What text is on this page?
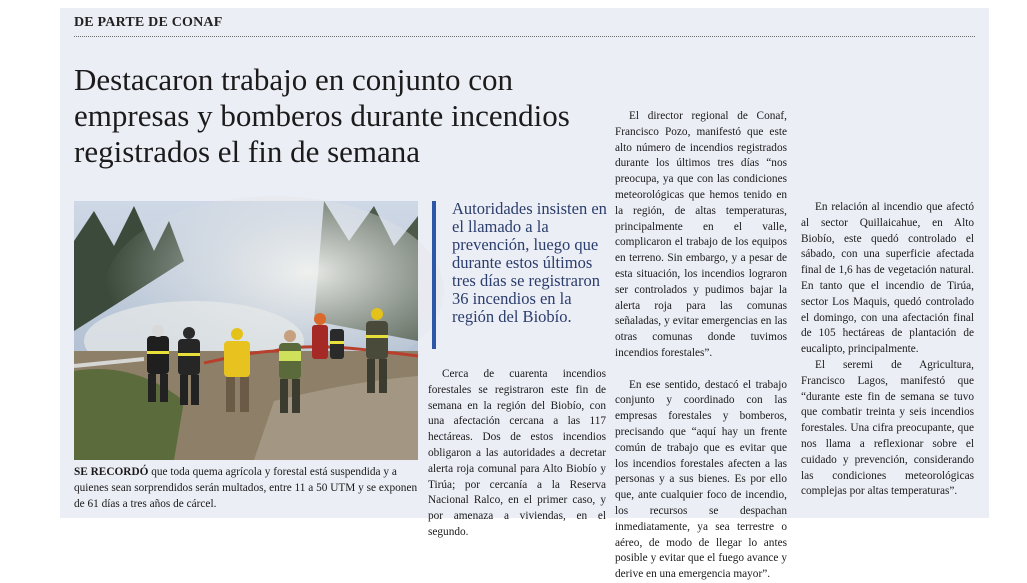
DE PARTE DE CONAF
Destacaron trabajo en conjunto con empresas y bomberos durante incendios registrados el fin de semana

SE RECORDÓ que toda quema agrícola y forestal está suspendida y a quienes sean sorprendidos serán multados, entre 11 a 50 UTM y se exponen de 61 días a tres años de cárcel.

Autoridades insisten en el llamado a la prevención, luego que durante estos últimos tres días se registraron 36 incendios en la región del Biobío.

Cerca de cuarenta incendios forestales se registraron este fin de semana en la región del Biobío, con una afectación cercana a las 117 hectáreas. Dos de estos incendios obligaron a las autoridades a decretar alerta roja comunal para Alto Biobío y Tirúa; por cercanía a la Reserva Nacional Ralco, en el primer caso, y por amenaza a viviendas, en el segundo.

El director regional de Conaf, Francisco Pozo, manifestó que este alto número de incendios registrados durante los últimos tres días “nos preocupa, ya que con las condiciones meteorológicas que hemos tenido en la región, de altas temperaturas, principalmente en el valle, complicaron el trabajo de los equipos en terreno. Sin embargo, y a pesar de esta situación, los incendios lograron ser controlados y pudimos bajar la alerta roja para las comunas señaladas, y evitar emergencias en las otras comunas donde tuvimos incendios forestales”.

En ese sentido, destacó el trabajo conjunto y coordinado con las empresas forestales y bomberos, precisando que “aquí hay un frente común de trabajo que es evitar que los incendios forestales afecten a las personas y a sus bienes. Es por ello que, ante cualquier foco de incendio, los recursos se despachan inmediatamente, ya sea terrestre o aéreo, de modo de llegar lo antes posible y evitar que el fuego avance y derive en una emergencia mayor”.

En relación al incendio que afectó al sector Quillaicahue, en Alto Biobío, este quedó controlado el sábado, con una superficie afectada final de 1,6 has de vegetación natural. En tanto que el incendio de Tirúa, sector Los Maquis, quedó controlado el domingo, con una afectación final de 105 hectáreas de plantación de eucalipto, principalmente.

El seremi de Agricultura, Francisco Lagos, manifestó que “durante este fin de semana se tuvo que combatir treinta y seis incendios forestales. Una cifra preocupante, que nos llama a reflexionar sobre el cuidado y prevención, considerando las condiciones meteorológicas complejas por altas temperaturas”.
